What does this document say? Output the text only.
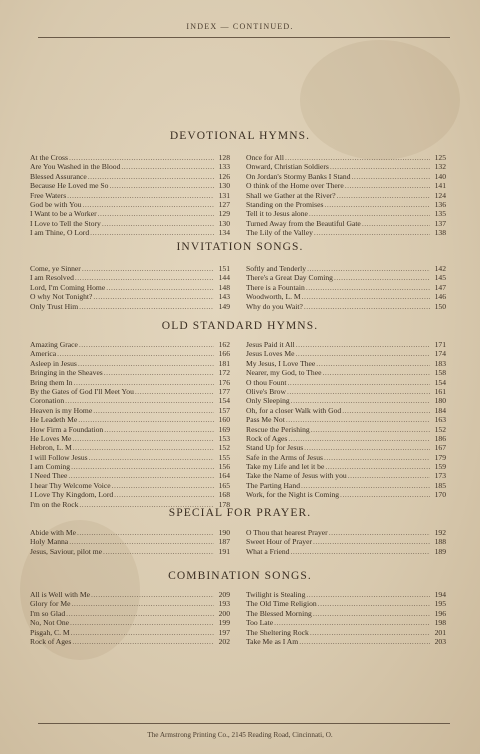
INDEX — CONTINUED.
DEVOTIONAL HYMNS.
At the Cross .....	128
Are You Washed in the Blood .....	133
Blessed Assurance .....	126
Because He Loved me So .....	130
Free Waters .....	131
God be with You .....	127
I Want to be a Worker .....	129
I Love to Tell the Story .....	130
I am Thine, O Lord .....	134
Once for All .....	125
Onward, Christian Soldiers .....	132
On Jordan's Stormy Banks I Stand .....	140
O think of the Home over There .....	141
Shall we Gather at the River? .....	124
Standing on the Promises .....	136
Tell it to Jesus alone .....	135
Turned Away from the Beautiful Gate .....	137
The Lily of the Valley .....	138
INVITATION SONGS.
Come, ye Sinner .....	151
I am Resolved .....	144
Lord, I'm Coming Home .....	148
O why Not Tonight? .....	143
Only Trust Him .....	149
Softly and Tenderly .....	142
There's a Great Day Coming .....	145
There is a Fountain .....	147
Woodworth, L. M .....	146
Why do you Wait? .....	150
OLD STANDARD HYMNS.
Amazing Grace .....	162
America .....	166
Asleep in Jesus .....	181
Bringing in the Sheaves .....	172
Bring them In .....	176
By the Gates of God I'll Meet You .....	177
Coronation .....	154
Heaven is my Home .....	157
He Leadeth Me .....	160
How Firm a Foundation .....	169
He Loves Me .....	153
Hebron, L. M .....	152
I will Follow Jesus .....	155
I am Coming .....	156
I Need Thee .....	164
I hear Thy Welcome Voice .....	165
I Love Thy Kingdom, Lord .....	168
I'm on the Rock .....	178
Jesus Paid it All .....	171
Jesus Loves Me .....	174
My Jesus, I Love Thee .....	183
Nearer, my God, to Thee .....	158
O thou Fount .....	154
Olive's Brow .....	161
Only Sleeping .....	180
Oh, for a closer Walk with God .....	184
Pass Me Not .....	163
Rescue the Perishing .....	152
Rock of Ages .....	186
Stand Up for Jesus .....	167
Safe in the Arms of Jesus .....	179
Take my Life and let it be .....	159
Take the Name of Jesus with you .....	173
The Parting Hand .....	185
Work, for the Night is Coming .....	170
SPECIAL FOR PRAYER.
Abide with Me .....	190
Holy Manna .....	187
Jesus, Saviour, pilot me .....	191
O Thou that hearest Prayer .....	192
Sweet Hour of Prayer .....	188
What a Friend .....	189
COMBINATION SONGS.
All is Well with Me .....	209
Glory for Me .....	193
I'm so Glad .....	200
No, Not One .....	199
Pisgah, C. M .....	197
Rock of Ages .....	202
Twilight is Stealing .....	194
The Old Time Religion .....	195
The Blessed Morning .....	196
Too Late .....	198
The Sheltering Rock .....	201
Take Me as I Am .....	203
The Armstrong Printing Co., 2145 Reading Road, Cincinnati, O.
